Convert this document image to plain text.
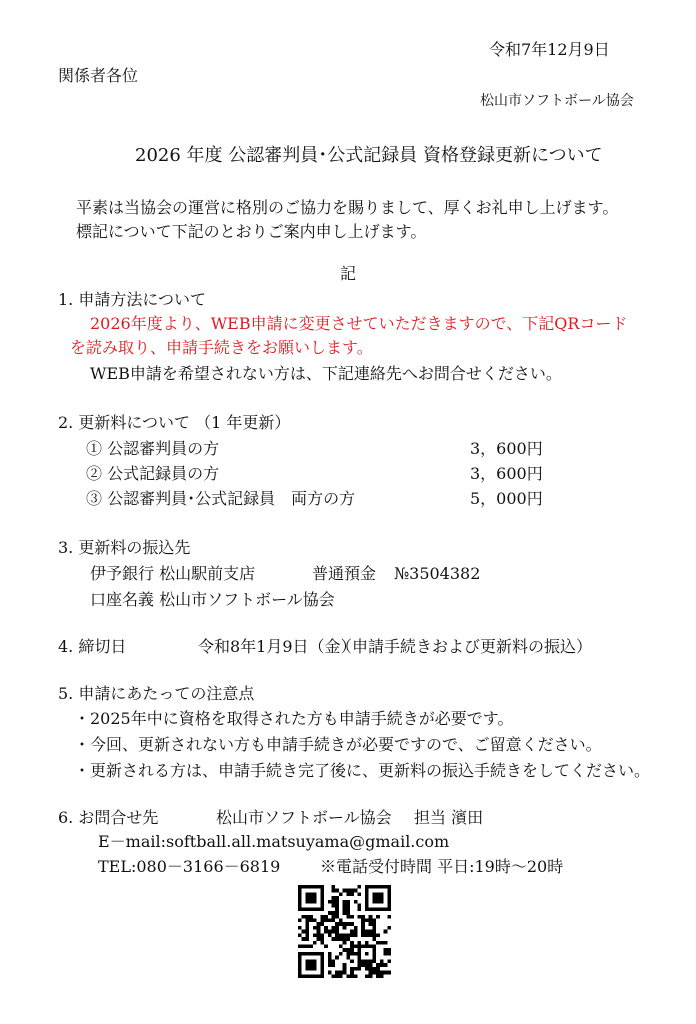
令和7年12月9日
関係者各位
松山市ソフトボール協会
2026 年度 公認審判員･公式記録員 資格登録更新について
平素は当協会の運営に格別のご協力を賜りまして、厚くお礼申し上げます。
標記について下記のとおりご案内申し上げます。
記
1. 申請方法について
2026年度より、WEB申請に変更させていただきますので、下記QRコード
を読み取り、申請手続きをお願いします。
WEB申請を希望されない方は、下記連絡先へお問合せください。
2. 更新料について （1 年更新）
① 公認審判員の方	3，600円
② 公式記録員の方	3，600円
③ 公認審判員･公式記録員　両方の方	5，000円
3. 更新料の振込先
伊予銀行 松山駅前支店	普通預金 №3504382
口座名義 松山市ソフトボール協会
4. 締切日	令和8年1月9日（金）
（申請手続きおよび更新料の振込）
5. 申請にあたっての注意点
・2025年中に資格を取得された方も申請手続きが必要です。
・今回、更新されない方も申請手続きが必要ですので、ご留意ください。
・更新される方は、申請手続き完了後に、更新料の振込手続きをしてください。
6. お問合せ先	松山市ソフトボール協会 担当 濱田
E－mail:softball.all.matsuyama@gmail.com
TEL:080－3166－6819 ※電話受付時間 平日:19時～20時
